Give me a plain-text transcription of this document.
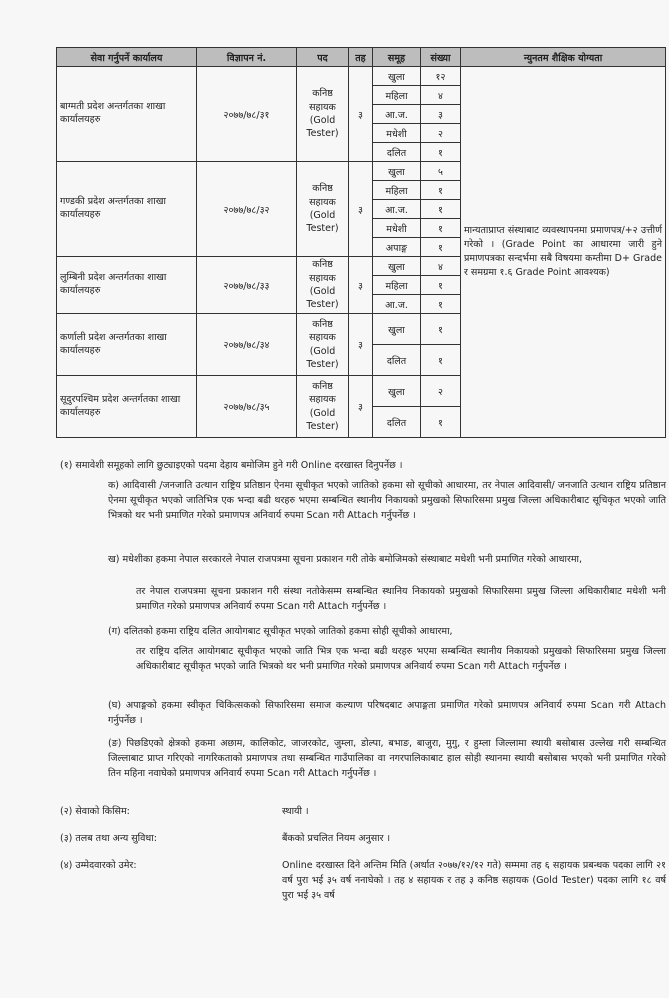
सेवा गर्नुपर्ने कार्यालय	विज्ञापन नं.	पद	तह	समूह	संख्या	न्युनतम शैक्षिक योग्यता
बाग्मती प्रदेश अन्तर्गतका शाखा कार्यालयहरु	२०७७/७८/३१	कनिष्ठ सहायक (Gold Tester)	३	खुला	१२	मान्यताप्राप्त संस्थाबाट व्यवस्थापनमा प्रमाणपत्र/+२ उत्तीर्ण गरेको । (Grade Point का आधारमा जारी हुने प्रमाणपत्रका सन्दर्भमा सबै विषयमा कम्तीमा D+ Grade र समग्रमा १.६ Grade Point आवश्यक)
				महिला	४	
				आ.ज.	३	
				मधेशी	२	
				दलित	१	
गण्डकी प्रदेश अन्तर्गतका शाखा कार्यालयहरु	२०७७/७८/३२	कनिष्ठ सहायक (Gold Tester)	३	खुला	५	
				महिला	१	
				आ.ज.	१	
				मधेशी	१	
				अपाङ्ग	१	
लुम्बिनी प्रदेश अन्तर्गतका शाखा कार्यालयहरु	२०७७/७८/३३	कनिष्ठ सहायक (Gold Tester)	३	खुला	४	
				महिला	१	
				आ.ज.	१	
कर्णाली प्रदेश अन्तर्गतका शाखा कार्यालयहरु	२०७७/७८/३४	कनिष्ठ सहायक (Gold Tester)	३	खुला	१	
				दलित	१	
सूदुरपश्चिम प्रदेश अन्तर्गतका शाखा कार्यालयहरु	२०७७/७८/३५	कनिष्ठ सहायक (Gold Tester)	३	खुला	२	
				दलित	१	
(१) समावेशी समूहको लागि छुट्याइएको पदमा देहाय बमोजिम हुने गरी Online दरखास्त दिनुपर्नेछ ।
क) आदिवासी /जनजाति उत्थान राष्ट्रिय प्रतिष्ठान ऐनमा सूचीकृत भएको जातिको हकमा सो सूचीको आधारमा, तर नेपाल आदिवासी/ जनजाति उत्थान राष्ट्रिय प्रतिष्ठान ऐनमा सूचीकृत भएको जातिभित्र एक भन्दा बढी थरहरु भएमा सम्बन्धित स्थानीय निकायको प्रमुखको सिफारिसमा प्रमुख जिल्ला अधिकारीबाट सूचिकृत भएको जाति भित्रको थर भनी प्रमाणित गरेको प्रमाणपत्र अनिवार्य रुपमा Scan गरी Attach गर्नुपर्नेछ ।
ख) मधेशीका हकमा नेपाल सरकारले नेपाल राजपत्रमा सूचना प्रकाशन गरी तोके बमोजिमको संस्थाबाट मधेशी भनी प्रमाणित गरेको आधारमा,
तर नेपाल राजपत्रमा सूचना प्रकाशन गरी संस्था नतोकेसम्म सम्बन्धित स्थानिय निकायको प्रमुखको सिफारिसमा प्रमुख जिल्ला अधिकारीबाट मधेशी भनी प्रमाणित गरेको प्रमाणपत्र अनिवार्य रुपमा Scan गरी Attach गर्नुपर्नेछ ।
(ग) दलितको हकमा राष्ट्रिय दलित आयोगबाट सूचीकृत भएको जातिको हकमा सोही सूचीको आधारमा,
तर राष्ट्रिय दलित आयोगबाट सूचीकृत भएको जाति भित्र एक भन्दा बढी थरहरु भएमा सम्बन्धित स्थानीय निकायको प्रमुखको सिफारिसमा प्रमुख जिल्ला अधिकारीबाट सूचीकृत भएको जाति भित्रको थर भनी प्रमाणित गरेको प्रमाणपत्र अनिवार्य रुपमा Scan गरी Attach गर्नुपर्नेछ ।
(घ) अपाङ्गको हकमा स्वीकृत चिकित्सकको सिफारिसमा समाज कल्याण परिषदबाट अपाङ्गता प्रमाणित गरेको प्रमाणपत्र अनिवार्य रुपमा Scan गरी Attach गर्नुपर्नेछ ।
(ङ) पिछडिएको क्षेत्रको हकमा अछाम, कालिकोट, जाजरकोट, जुम्ला, डोल्पा, बभाङ, बाजुरा, मुगु, र हुम्ला जिल्लामा स्थायी बसोबास उल्लेख गरी सम्बन्धित जिल्लाबाट प्राप्त गरिएको नागरिकताको प्रमाणपत्र तथा सम्बन्धित गाउँपालिका वा नगरपालिकाबाट हाल सोही स्थानमा स्थायी बसोबास भएको भनी प्रमाणित गरेको तिन महिना नवाघेको प्रमाणपत्र अनिवार्य रुपमा Scan गरी Attach गर्नुपर्नेछ ।
(२) सेवाको किसिम:	स्थायी ।
(३) तलब तथा अन्य सुविधा:	बैंकको प्रचलित नियम अनुसार ।
(४) उम्मेदवारको उमेर:	Online दरखास्त दिने अन्तिम मिति (अर्थात २०७७/१२/१२ गते) सम्ममा तह ६ सहायक प्रबन्धक पदका लागि २१ वर्ष पुरा भई ३५ वर्ष ननाघेको । तह ४ सहायक र तह ३ कनिष्ठ सहायक (Gold Tester) पदका लागि १८ वर्ष पुरा भई ३५ वर्ष
